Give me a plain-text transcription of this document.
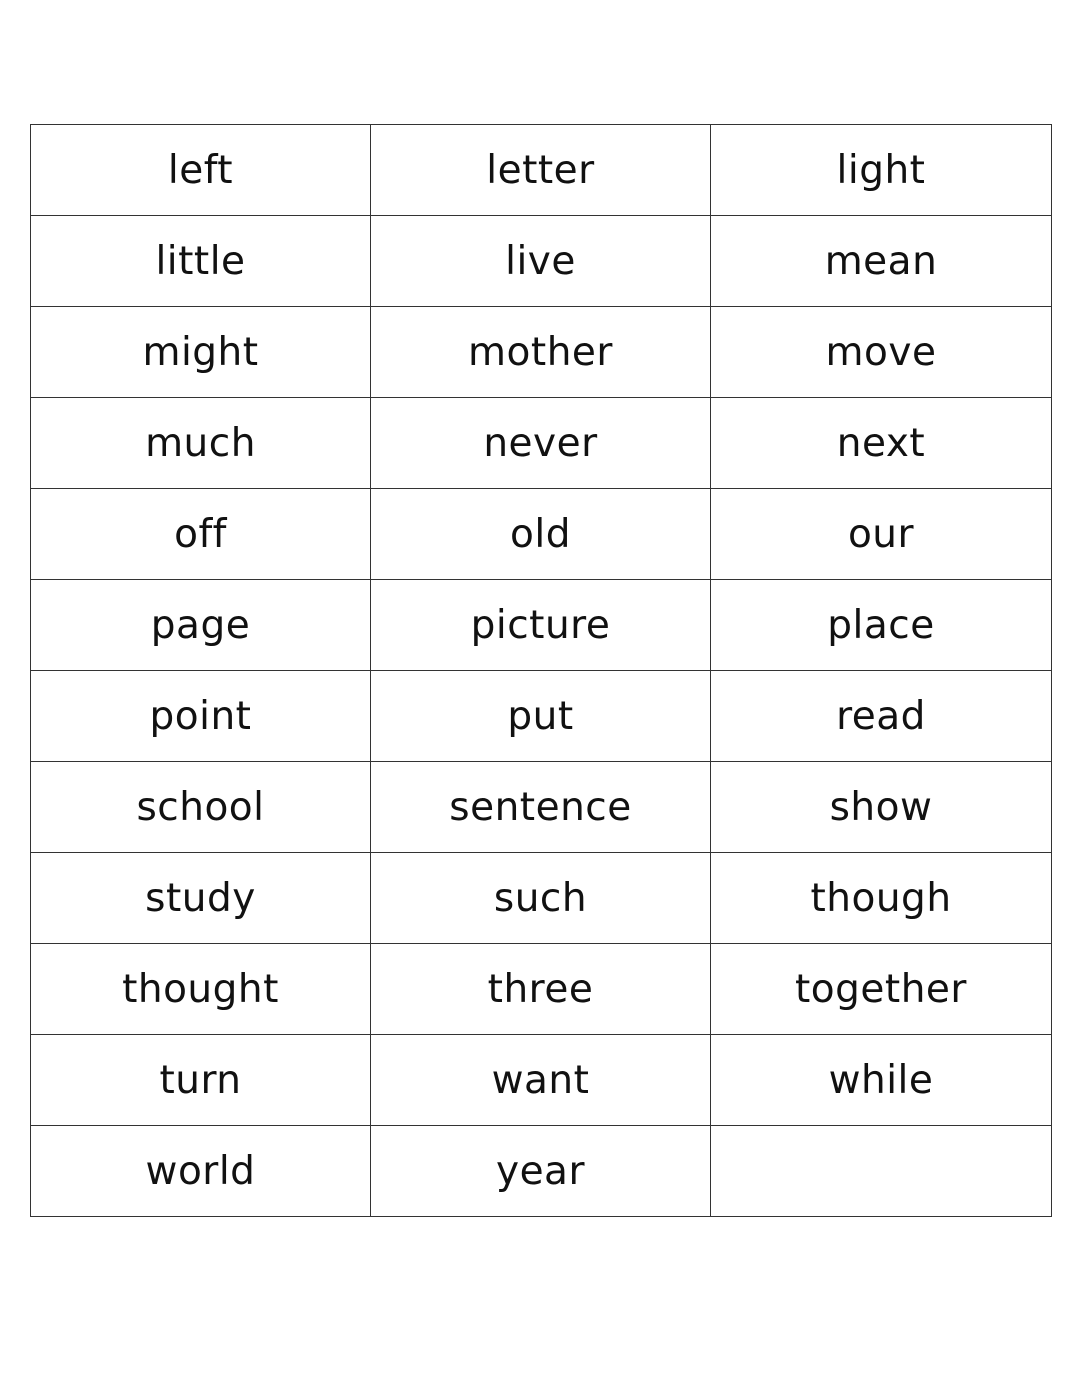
left	letter	light
little	live	mean
might	mother	move
much	never	next
off	old	our
page	picture	place
point	put	read
school	sentence	show
study	such	though
thought	three	together
turn	want	while
world	year	
